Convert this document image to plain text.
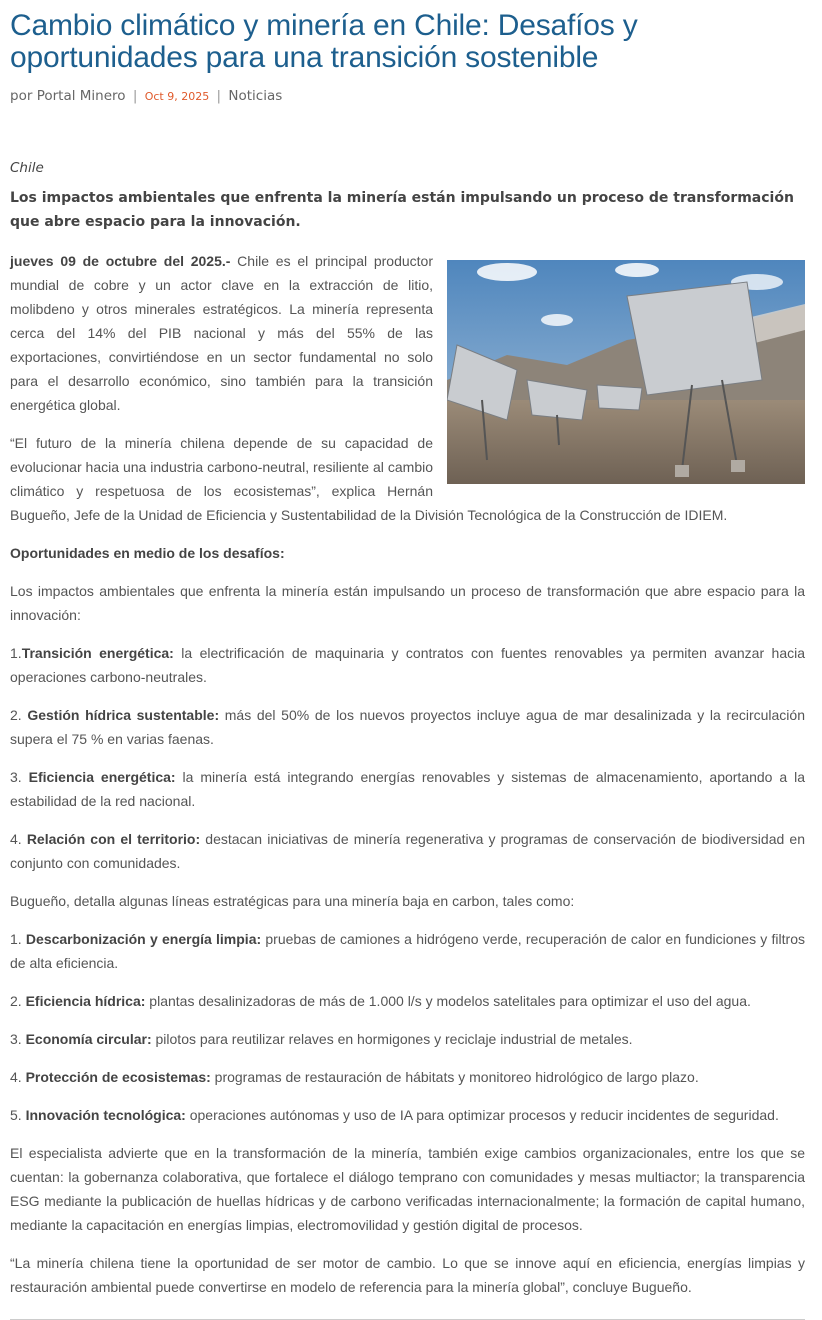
Cambio climático y minería en Chile: Desafíos y oportunidades para una transición sostenible
por Portal Minero | Oct 9, 2025 | Noticias
Chile
Los impactos ambientales que enfrenta la minería están impulsando un proceso de transformación que abre espacio para la innovación.

jueves 09 de octubre del 2025.- Chile es el principal productor mundial de cobre y un actor clave en la extracción de litio, molibdeno y otros minerales estratégicos. La minería representa cerca del 14% del PIB nacional y más del 55% de las exportaciones, convirtiéndose en un sector fundamental no solo para el desarrollo económico, sino también para la transición energética global.

“El futuro de la minería chilena depende de su capacidad de evolucionar hacia una industria carbono-neutral, resiliente al cambio climático y respetuosa de los ecosistemas”, explica Hernán Bugueño, Jefe de la Unidad de Eficiencia y Sustentabilidad de la División Tecnológica de la Construcción de IDIEM.

Oportunidades en medio de los desafíos:

Los impactos ambientales que enfrenta la minería están impulsando un proceso de transformación que abre espacio para la innovación:

1.Transición energética: la electrificación de maquinaria y contratos con fuentes renovables ya permiten avanzar hacia operaciones carbono-neutrales.

2. Gestión hídrica sustentable: más del 50% de los nuevos proyectos incluye agua de mar desalinizada y la recirculación supera el 75 % en varias faenas.

3. Eficiencia energética: la minería está integrando energías renovables y sistemas de almacenamiento, aportando a la estabilidad de la red nacional.

4. Relación con el territorio: destacan iniciativas de minería regenerativa y programas de conservación de biodiversidad en conjunto con comunidades.

Bugueño, detalla algunas líneas estratégicas para una minería baja en carbon, tales como:

1. Descarbonización y energía limpia: pruebas de camiones a hidrógeno verde, recuperación de calor en fundiciones y filtros de alta eficiencia.

2. Eficiencia hídrica: plantas desalinizadoras de más de 1.000 l/s y modelos satelitales para optimizar el uso del agua.

3. Economía circular: pilotos para reutilizar relaves en hormigones y reciclaje industrial de metales.

4. Protección de ecosistemas: programas de restauración de hábitats y monitoreo hidrológico de largo plazo.

5. Innovación tecnológica: operaciones autónomas y uso de IA para optimizar procesos y reducir incidentes de seguridad.

El especialista advierte que en la transformación de la minería, también exige cambios organizacionales, entre los que se cuentan: la gobernanza colaborativa, que fortalece el diálogo temprano con comunidades y mesas multiactor; la transparencia ESG mediante la publicación de huellas hídricas y de carbono verificadas internacionalmente; la formación de capital humano, mediante la capacitación en energías limpias, electromovilidad y gestión digital de procesos.

“La minería chilena tiene la oportunidad de ser motor de cambio. Lo que se innove aquí en eficiencia, energías limpias y restauración ambiental puede convertirse en modelo de referencia para la minería global”, concluye Bugueño.
